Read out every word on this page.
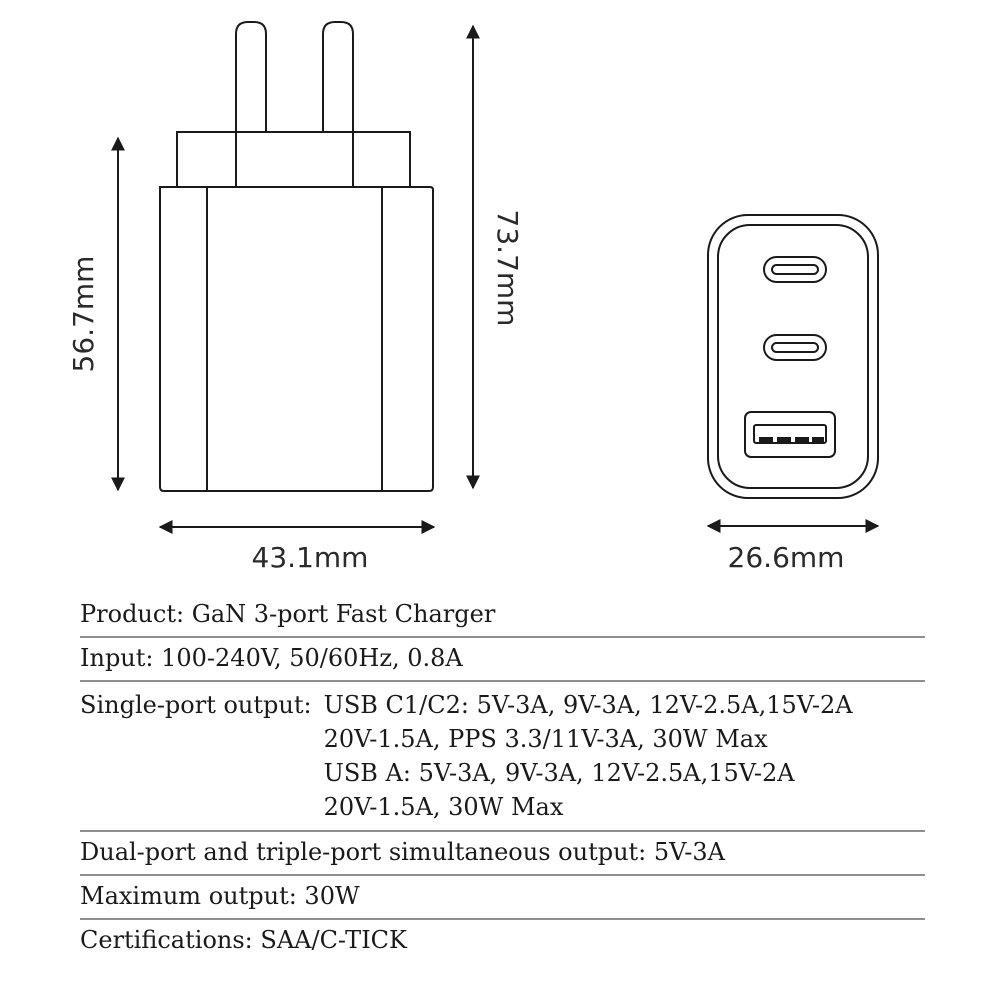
56.7mm	73.7mm
43.1mm	26.6mm
Product: GaN 3-port Fast Charger
Input: 100-240V, 50/60Hz, 0.8A
Single-port output: USB C1/C2: 5V-3A, 9V-3A, 12V-2.5A,15V-2A
20V-1.5A, PPS 3.3/11V-3A, 30W Max
USB A: 5V-3A, 9V-3A, 12V-2.5A,15V-2A
20V-1.5A, 30W Max
Dual-port and triple-port simultaneous output: 5V-3A
Maximum output: 30W
Certifications: SAA/C-TICK
